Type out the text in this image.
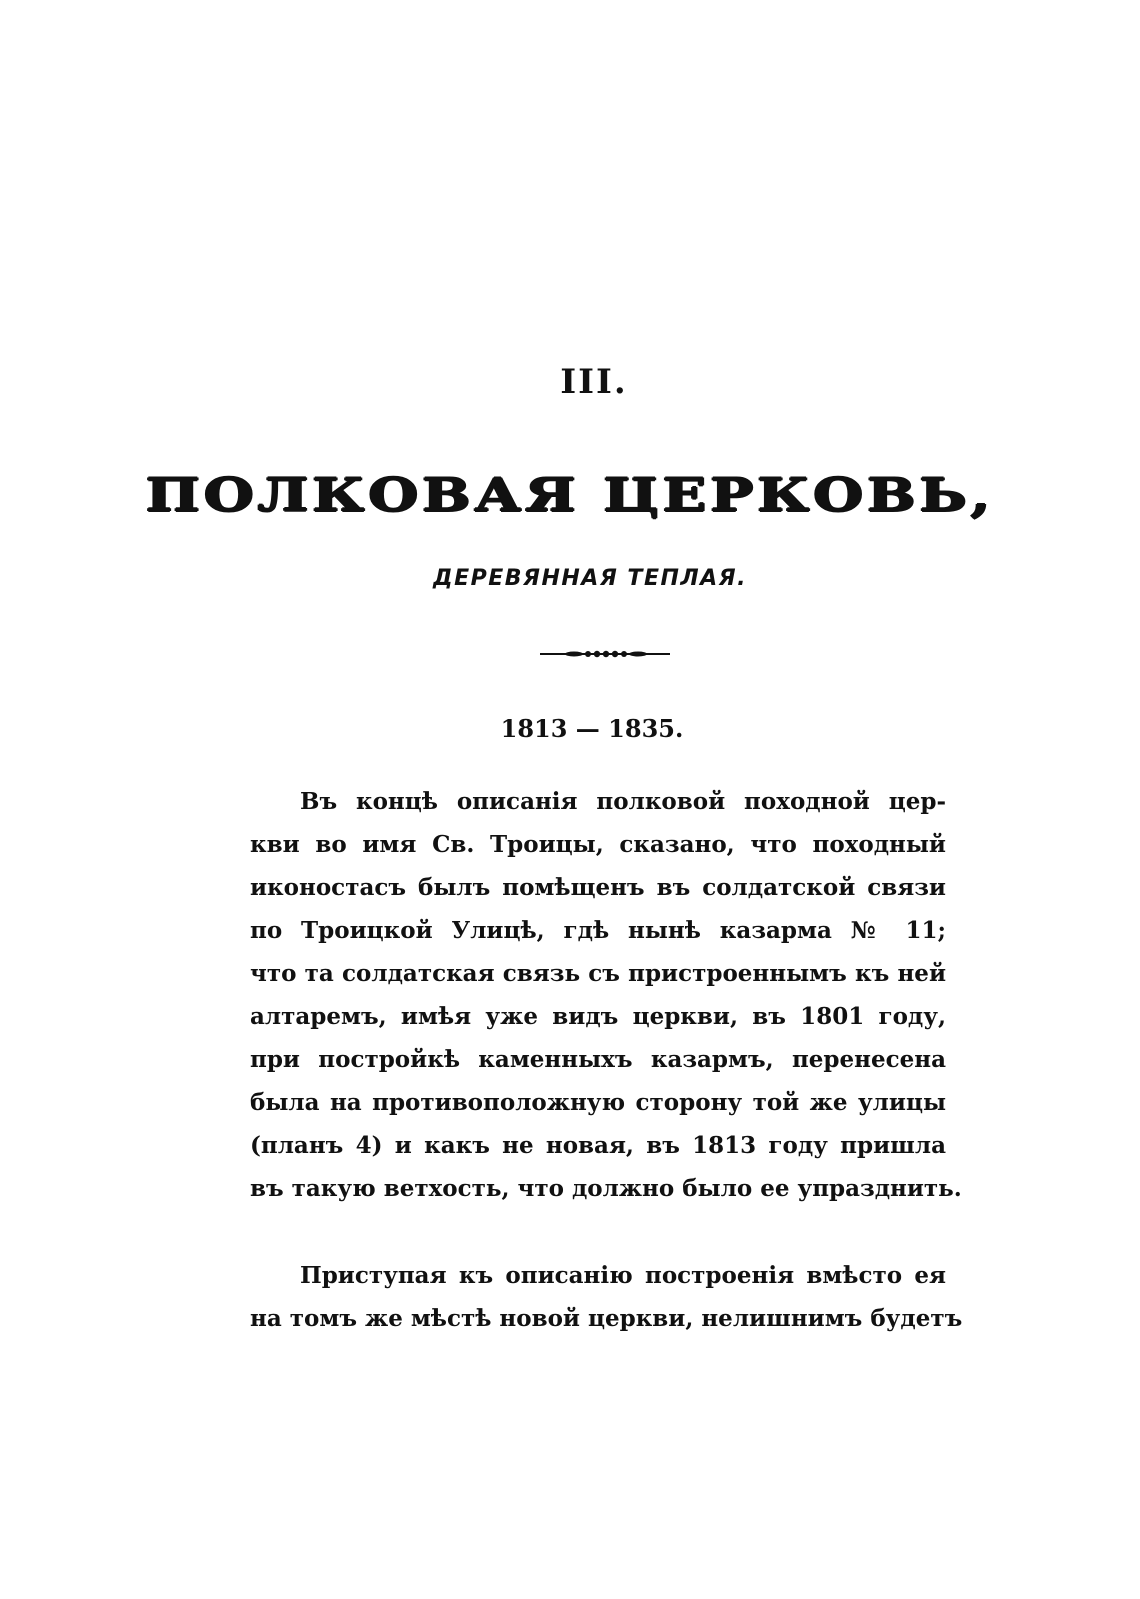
III.
ПОЛКОВАЯ ЦЕРКОВЬ,
ДЕРЕВЯННАЯ ТЕПЛАЯ.
1813 — 1835.
Въ концѣ описанія полковой походной цер-
кви во имя Св. Троицы, сказано, что походный
иконостасъ былъ помѣщенъ въ солдатской связи
по Троицкой Улицѣ, гдѣ нынѣ казарма № 11;
что та солдатская связь съ пристроеннымъ къ ней
алтаремъ, имѣя уже видъ церкви, въ 1801 году,
при постройкѣ каменныхъ казармъ, перенесена
была на противоположную сторону той же улицы
(планъ 4) и какъ не новая, въ 1813 году пришла
въ такую ветхость, что должно было ее упразднить.
Приступая къ описанію построенія вмѣсто ея
на томъ же мѣстѣ новой церкви, нелишнимъ будетъ
